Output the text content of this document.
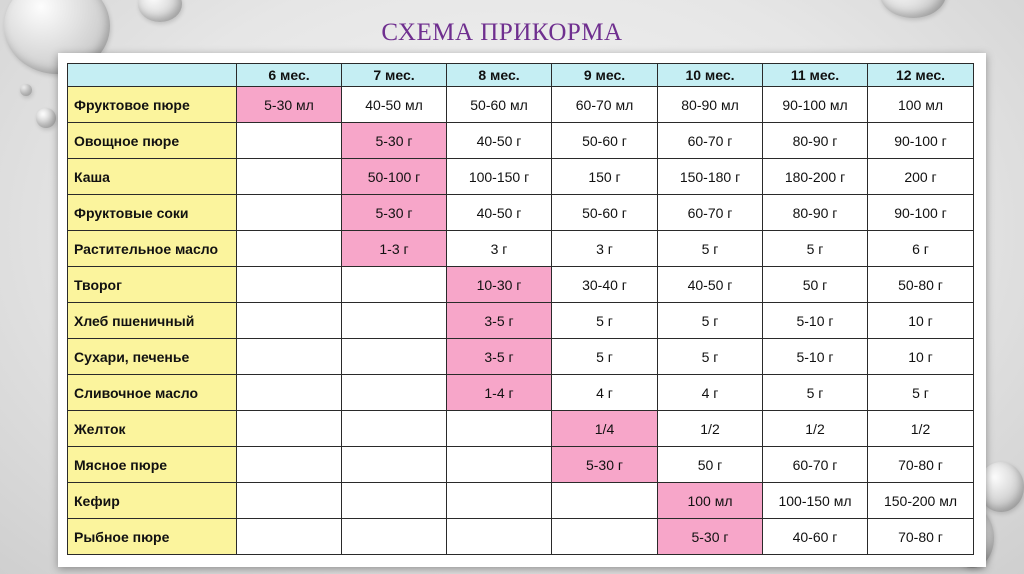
СХЕМА ПРИКОРМА
	6 мес.	7 мес.	8 мес.	9 мес.	10 мес.	11 мес.	12 мес.
Фруктовое пюре	5-30 мл	40-50 мл	50-60 мл	60-70 мл	80-90 мл	90-100 мл	100 мл
Овощное пюре		5-30 г	40-50 г	50-60 г	60-70 г	80-90 г	90-100 г
Каша		50-100 г	100-150 г	150 г	150-180 г	180-200 г	200 г
Фруктовые соки		5-30 г	40-50 г	50-60 г	60-70 г	80-90 г	90-100 г
Растительное масло		1-3 г	3 г	3 г	5 г	5 г	6 г
Творог			10-30 г	30-40 г	40-50 г	50 г	50-80 г
Хлеб пшеничный			3-5 г	5 г	5 г	5-10 г	10 г
Сухари, печенье			3-5 г	5 г	5 г	5-10 г	10 г
Сливочное масло			1-4 г	4 г	4 г	5 г	5 г
Желток				1/4	1/2	1/2	1/2
Мясное пюре				5-30 г	50 г	60-70 г	70-80 г
Кефир					100 мл	100-150 мл	150-200 мл
Рыбное пюре					5-30 г	40-60 г	70-80 г
